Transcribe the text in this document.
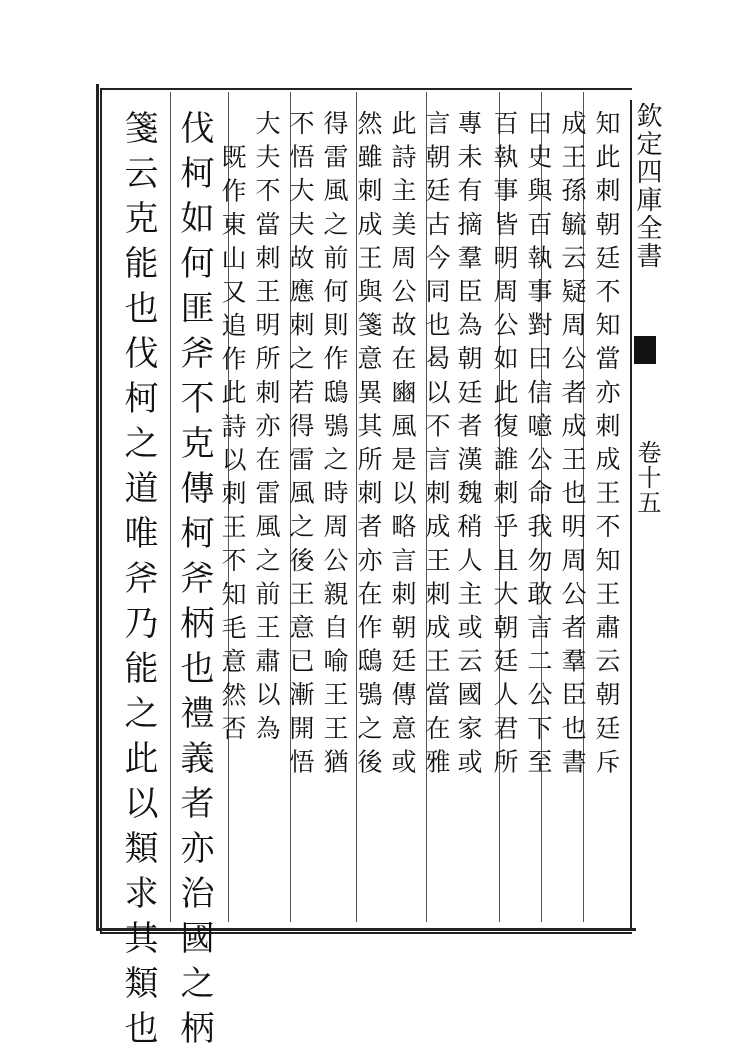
欽定四庫全書
卷十五
知此刺朝廷不知當亦刺成王不知王肅云朝廷斥
成王孫毓云疑周公者成王也明周公者羣臣也書
曰史與百執事對曰信噫公命我勿敢言二公下至
百執事皆明周公如此復誰刺乎且大朝廷人君所
專未有摘羣臣為朝廷者漢魏稍人主或云國家或
言朝廷古今同也曷以不言刺成王刺成王當在雅
此詩主美周公故在豳風是以略言刺朝廷傳意或
然雖刺成王與箋意異其所刺者亦在作鴟鴞之後
得雷風之前何則作鴟鴞之時周公親自喻王王猶
不悟大夫故應刺之若得雷風之後王意已漸開悟
大夫不當刺王明所刺亦在雷風之前王肅以為
既作東山又追作此詩以刺王不知毛意然否
伐柯如何匪斧不克傳柯斧柄也禮義者亦治國之柄
箋云克能也伐柯之道唯斧乃能之此以類求其類也
